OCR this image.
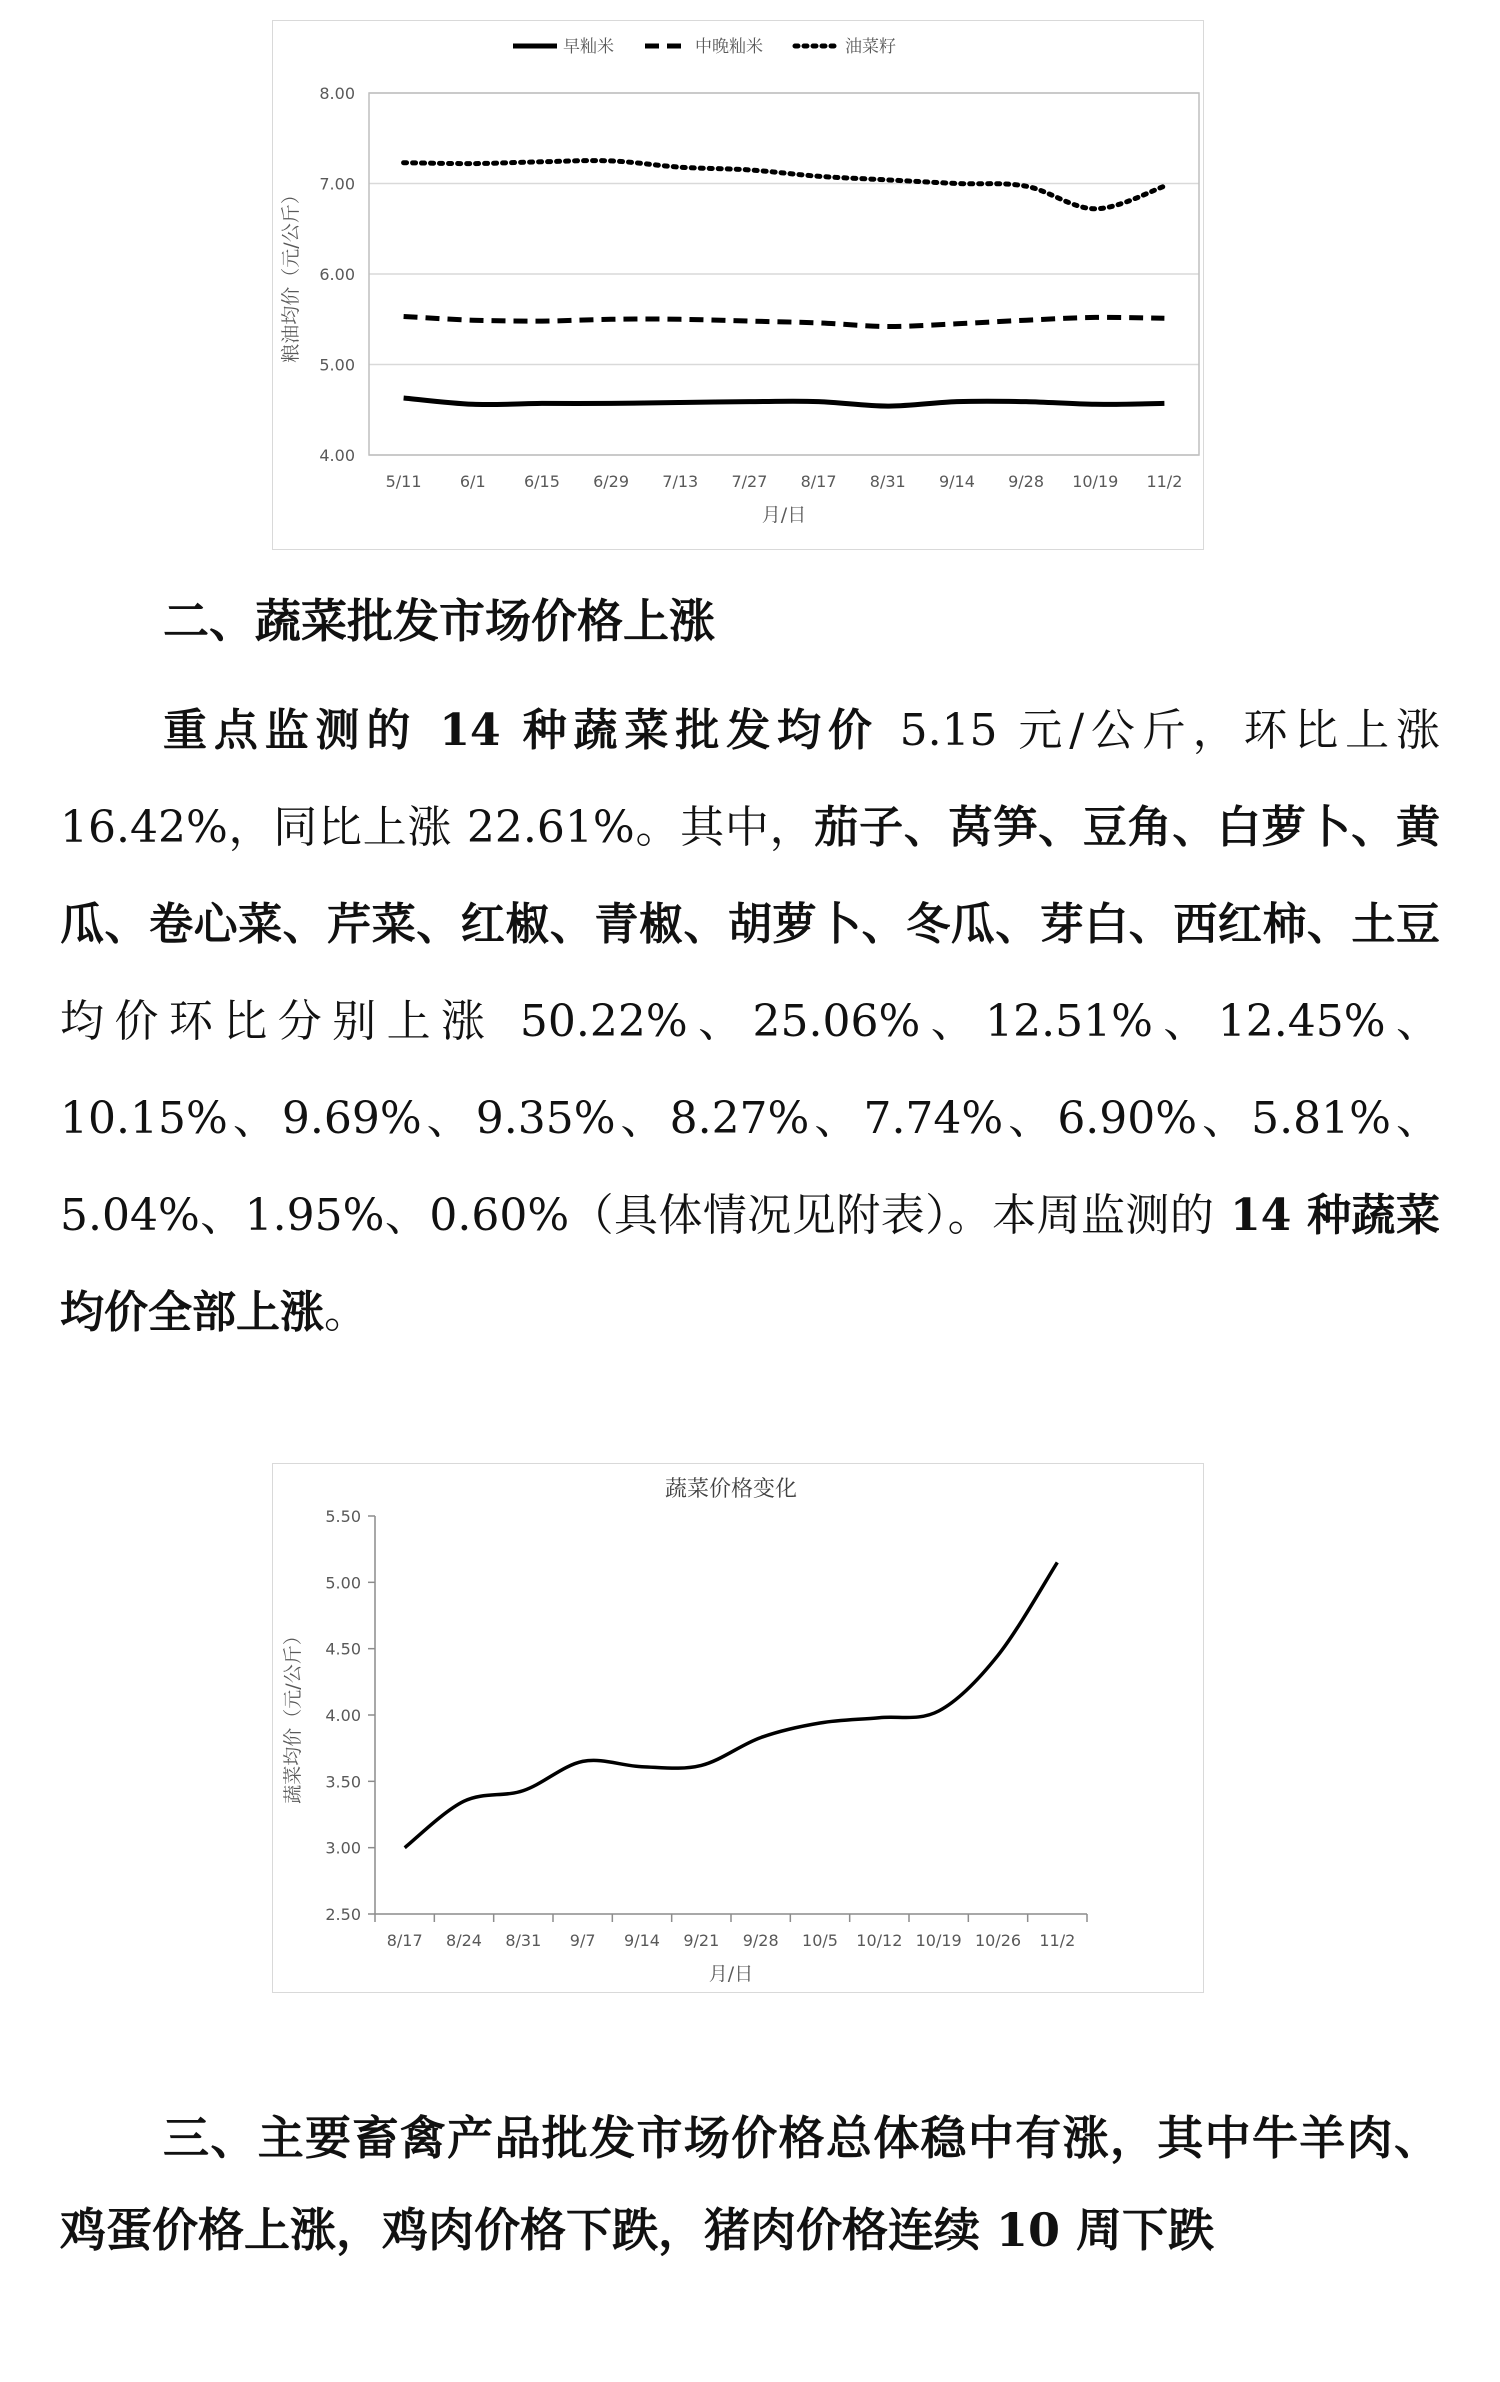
4.00
5.00
6.00
7.00
8.00
5/11 6/1 6/15 6/29 7/13 7/27 8/17 8/31 9/14 9/28 10/19 11/2
月/日
粮油均价（元/公斤）
早籼米	中晚籼米	油菜籽
二、蔬菜批发市场价格上涨

重点监测的 14 种蔬菜批发均价 5.15 元/公斤，环比上涨 16.42%，同比上涨 22.61%。其中，茄子、莴笋、豆角、白萝卜、黄瓜、卷心菜、芹菜、红椒、青椒、胡萝卜、冬瓜、芽白、西红柿、土豆均价环比分别上涨 50.22%、25.06%、12.51%、12.45%、10.15%、9.69%、9.35%、8.27%、7.74%、6.90%、5.81%、5.04%、1.95%、0.60%（具体情况见附表）。本周监测的 14 种蔬菜均价全部上涨。

2.50
3.00
3.50
4.00
4.50
5.00
5.50
8/17 8/24 8/31 9/7 9/14 9/21 9/28 10/5 10/12 10/19 10/26 11/2
月/日
蔬菜均价（元/公斤）
蔬菜价格变化

三、主要畜禽产品批发市场价格总体稳中有涨，其中牛羊肉、鸡蛋价格上涨，鸡肉价格下跌，猪肉价格连续 10 周下跌
